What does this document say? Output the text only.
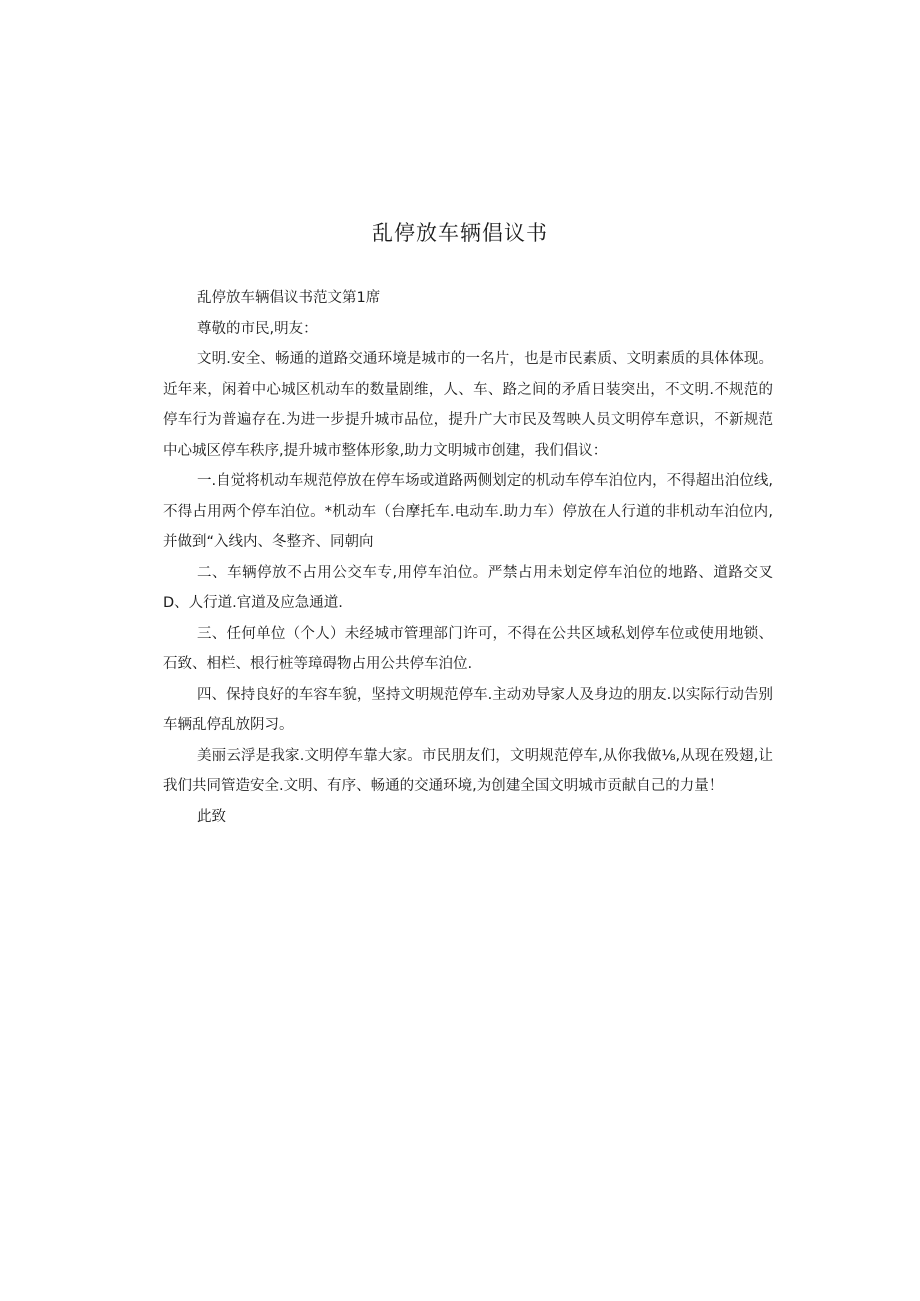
乱停放车辆倡议书

乱停放车辆倡议书范文第1席

尊敬的市民,明友：

文明.安全、畅通的道路交通环境是城市的一名片，也是市民素质、文明素质的具体体现。近年来，闲着中心城区机动车的数量剧维，人、车、路之间的矛盾日装突出，不文明.不规范的停车行为普遍存在.为进一步提升城市品位，提升广大市民及驾映人员文明停车意识，不新规范中心城区停车秩序,提升城市整体形象,助力文明城市创建，我们倡议：

一.自觉将机动车规范停放在停车场或道路两侧划定的机动车停车泊位内，不得超出泊位线,不得占用两个停车泊位。*机动车（台摩托车.电动车.助力车）停放在人行道的非机动车泊位内,并做到“入线内、冬整齐、同朝向

二、车辆停放不占用公交车专,用停车泊位。严禁占用未划定停车泊位的地路、道路交叉D、人行道.官道及应急通道.

三、任何单位（个人）未经城市管理部门许可，不得在公共区域私划停车位或使用地锁、石致、相栏、根行桩等璋碍物占用公共停车泊位.

四、保持良好的车容车貌，坚持文明规范停车.主动劝导家人及身边的朋友.以实际行动告别车辆乱停乱放阴习。

美丽云浮是我家.文明停车靠大家。市民朋友们，文明规范停车,从你我做⅛,从现在殁翅,让我们共同管造安全.文明、有序、畅通的交通环境,为创建全国文明城市贡献自己的力量！

此致
